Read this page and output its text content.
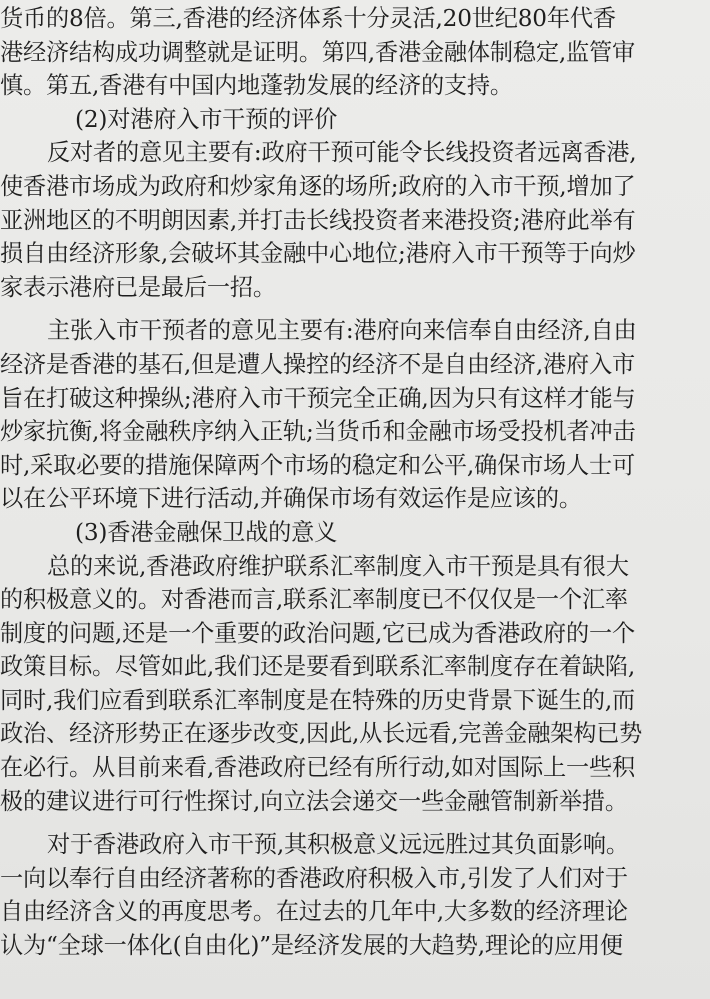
货币的8倍。第三,香港的经济体系十分灵活,20世纪80年代香
港经济结构成功调整就是证明。第四,香港金融体制稳定,监管审
慎。第五,香港有中国内地蓬勃发展的经济的支持。
(2)对港府入市干预的评价
反对者的意见主要有:政府干预可能令长线投资者远离香港,
使香港市场成为政府和炒家角逐的场所;政府的入市干预,增加了
亚洲地区的不明朗因素,并打击长线投资者来港投资;港府此举有
损自由经济形象,会破坏其金融中心地位;港府入市干预等于向炒
家表示港府已是最后一招。
主张入市干预者的意见主要有:港府向来信奉自由经济,自由
经济是香港的基石,但是遭人操控的经济不是自由经济,港府入市
旨在打破这种操纵;港府入市干预完全正确,因为只有这样才能与
炒家抗衡,将金融秩序纳入正轨;当货币和金融市场受投机者冲击
时,采取必要的措施保障两个市场的稳定和公平,确保市场人士可
以在公平环境下进行活动,并确保市场有效运作是应该的。
(3)香港金融保卫战的意义
总的来说,香港政府维护联系汇率制度入市干预是具有很大
的积极意义的。对香港而言,联系汇率制度已不仅仅是一个汇率
制度的问题,还是一个重要的政治问题,它已成为香港政府的一个
政策目标。尽管如此,我们还是要看到联系汇率制度存在着缺陷,
同时,我们应看到联系汇率制度是在特殊的历史背景下诞生的,而
政治、经济形势正在逐步改变,因此,从长远看,完善金融架构已势
在必行。从目前来看,香港政府已经有所行动,如对国际上一些积
极的建议进行可行性探讨,向立法会递交一些金融管制新举措。
对于香港政府入市干预,其积极意义远远胜过其负面影响。
一向以奉行自由经济著称的香港政府积极入市,引发了人们对于
自由经济含义的再度思考。在过去的几年中,大多数的经济理论
认为“全球一体化(自由化)”是经济发展的大趋势,理论的应用便
